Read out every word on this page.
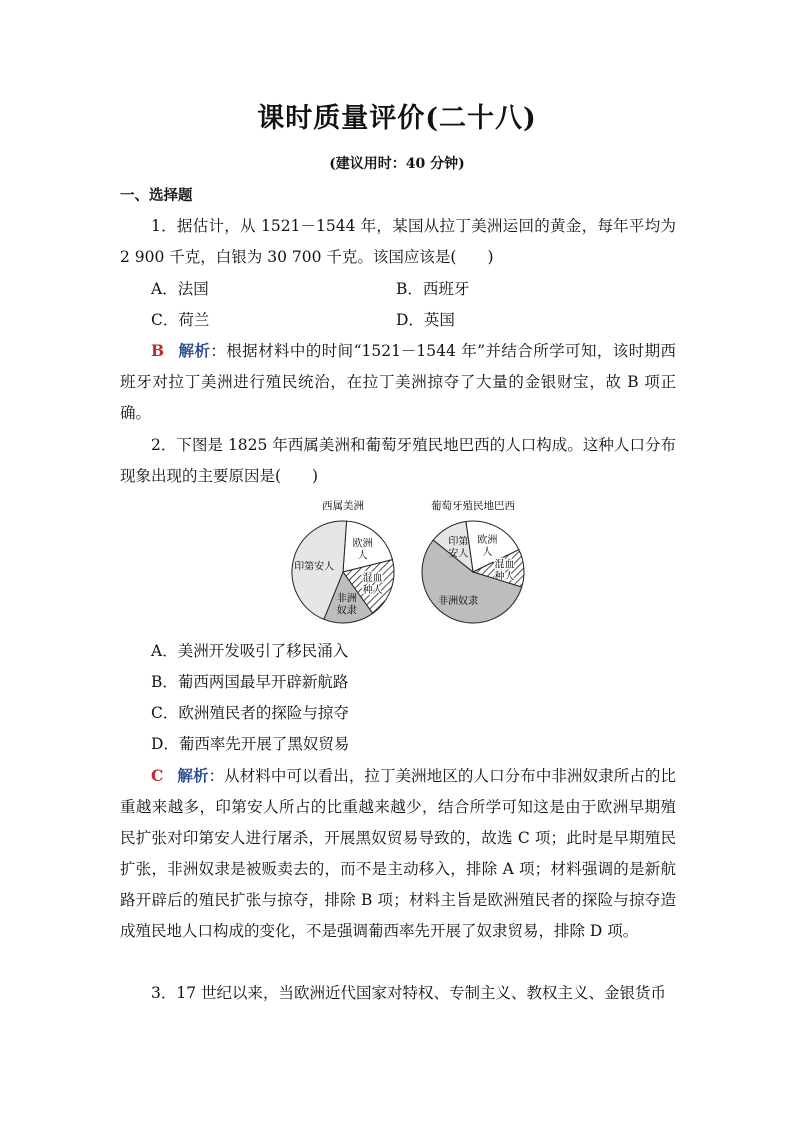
课时质量评价(二十八)
(建议用时：40 分钟)
一、选择题
1．据估计，从 1521－1544 年，某国从拉丁美洲运回的黄金，每年平均为 2 900 千克，白银为 30 700 千克。该国应该是(　　)
A．法国	B．西班牙
C．荷兰	D．英国
B 解析：根据材料中的时间“1521－1544 年”并结合所学可知，该时期西班牙对拉丁美洲进行殖民统治，在拉丁美洲掠夺了大量的金银财宝，故 B 项正确。
2．下图是 1825 年西属美洲和葡萄牙殖民地巴西的人口构成。这种人口分布现象出现的主要原因是(　　)
西属美洲
欧洲人
混血种人
非洲奴隶
印第安人
葡萄牙殖民地巴西
欧洲人
混血种人
非洲奴隶
印第安人
A．美洲开发吸引了移民涌入
B．葡西两国最早开辟新航路
C．欧洲殖民者的探险与掠夺
D．葡西率先开展了黑奴贸易
C 解析：从材料中可以看出，拉丁美洲地区的人口分布中非洲奴隶所占的比重越来越多，印第安人所占的比重越来越少，结合所学可知这是由于欧洲早期殖民扩张对印第安人进行屠杀，开展黑奴贸易导致的，故选 C 项；此时是早期殖民扩张，非洲奴隶是被贩卖去的，而不是主动移入，排除 A 项；材料强调的是新航路开辟后的殖民扩张与掠夺，排除 B 项；材料主旨是欧洲殖民者的探险与掠夺造成殖民地人口构成的变化，不是强调葡西率先开展了奴隶贸易，排除 D 项。
3．17 世纪以来，当欧洲近代国家对特权、专制主义、教权主义、金银货币
